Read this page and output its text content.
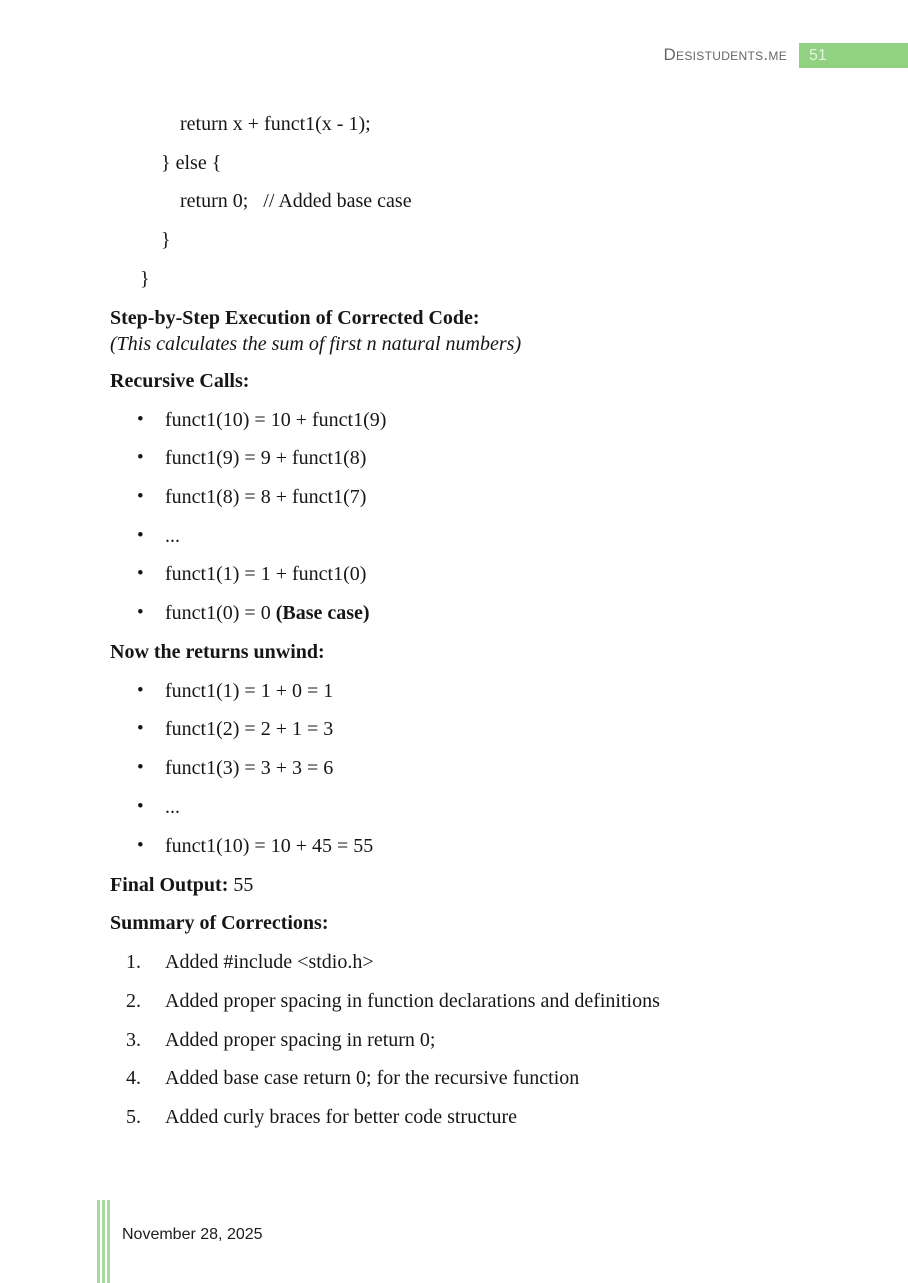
Desistudents.me	51
return x + funct1(x - 1);
} else {
return 0;   // Added base case
}
}
Step-by-Step Execution of Corrected Code:
(This calculates the sum of first n natural numbers)
Recursive Calls:
• funct1(10) = 10 + funct1(9)
• funct1(9) = 9 + funct1(8)
• funct1(8) = 8 + funct1(7)
• ...
• funct1(1) = 1 + funct1(0)
• funct1(0) = 0 (Base case)
Now the returns unwind:
• funct1(1) = 1 + 0 = 1
• funct1(2) = 2 + 1 = 3
• funct1(3) = 3 + 3 = 6
• ...
• funct1(10) = 10 + 45 = 55
Final Output: 55
Summary of Corrections:
Added #include <stdio.h>
Added proper spacing in function declarations and definitions
Added proper spacing in return 0;
Added base case return 0; for the recursive function
Added curly braces for better code structure
November 28, 2025
